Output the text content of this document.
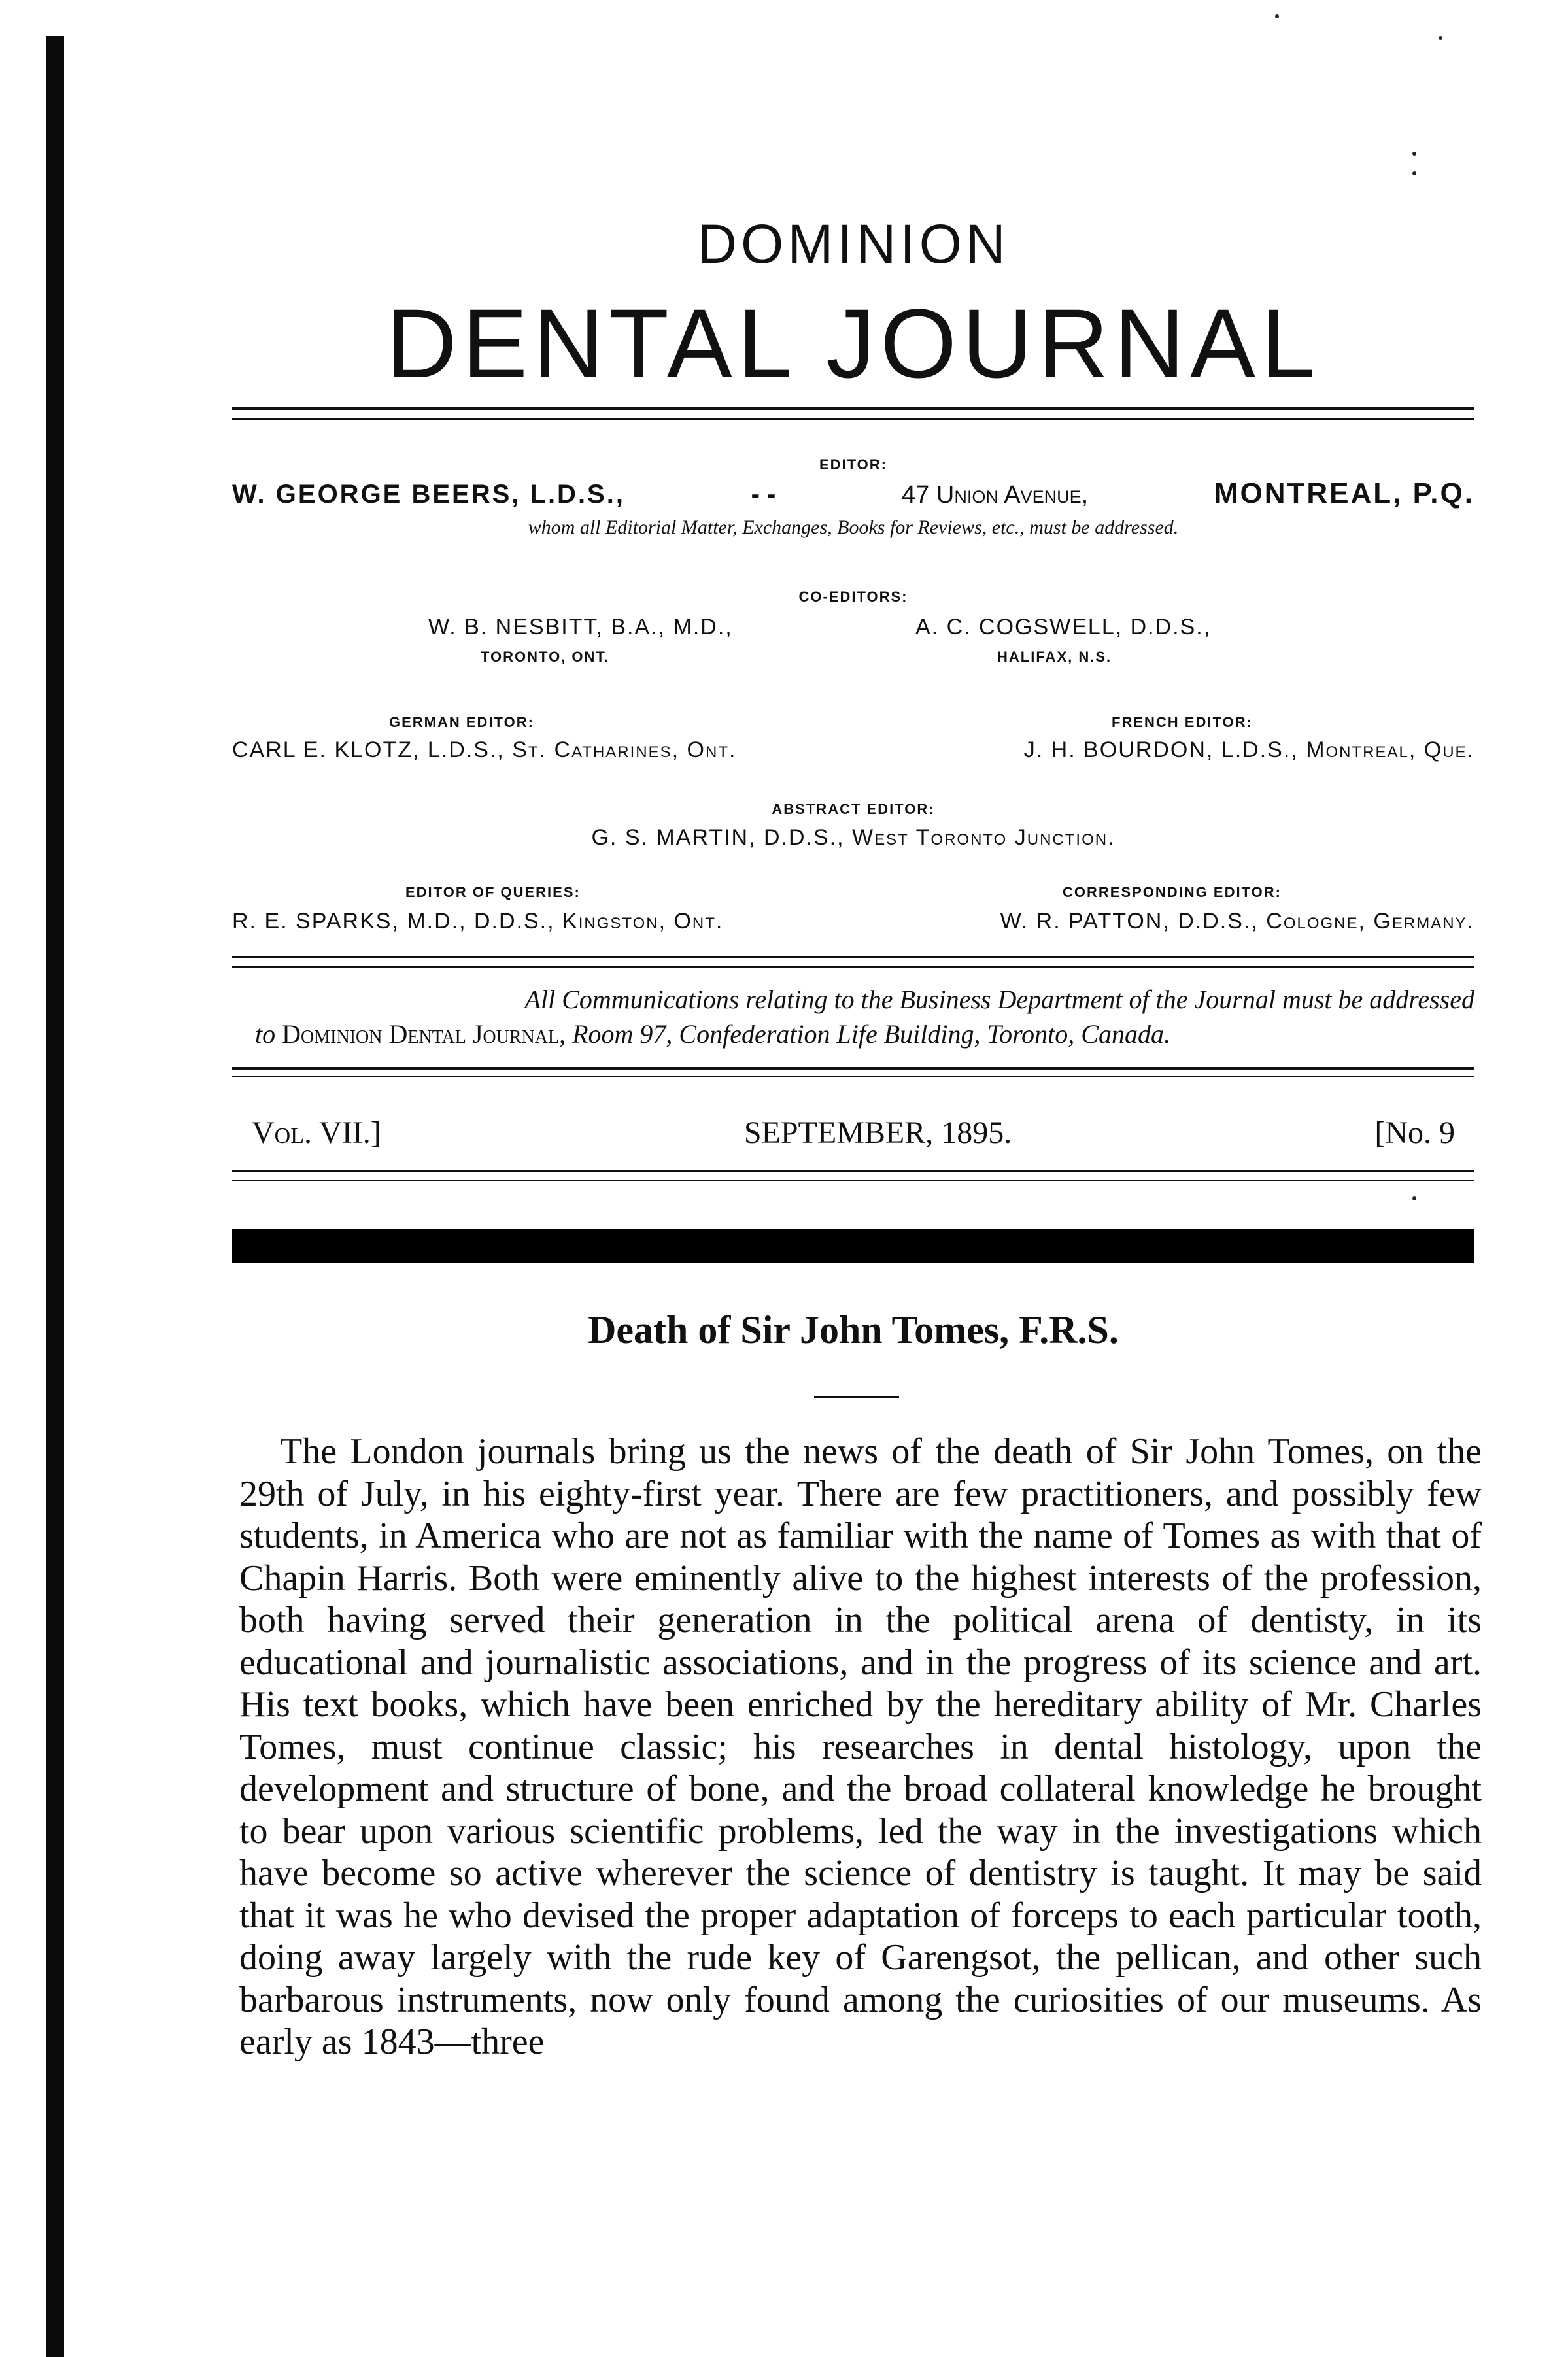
DOMINION
DENTAL JOURNAL
EDITOR:
W. GEORGE BEERS, L.D.S.,	- -	47 Union Avenue,	MONTREAL, P.Q.
whom all Editorial Matter, Exchanges, Books for Reviews, etc., must be addressed.
CO-EDITORS:
W. B. NESBITT, B.A., M.D.,
TORONTO, ONT.
A. C. COGSWELL, D.D.S.,
HALIFAX, N.S.
GERMAN EDITOR:	FRENCH EDITOR:
CARL E. KLOTZ, L.D.S., St. Catharines, Ont.	J. H. BOURDON, L.D.S., Montreal, Que.
ABSTRACT EDITOR:
G. S. MARTIN, D.D.S., West Toronto Junction.
EDITOR OF QUERIES:	CORRESPONDING EDITOR:
R. E. SPARKS, M.D., D.D.S., Kingston, Ont.	W. R. PATTON, D.D.S., Cologne, Germany.
All Communications relating to the Business Department of the Journal must be addressed
to Dominion Dental Journal, Room 97, Confederation Life Building, Toronto, Canada.
Vol. VII.]	SEPTEMBER, 1895.	[No. 9
Death of Sir John Tomes, F.R.S.

The London journals bring us the news of the death of Sir John Tomes, on the 29th of July, in his eighty-first year. There are few practitioners, and possibly few students, in America who are not as familiar with the name of Tomes as with that of Chapin Harris. Both were eminently alive to the highest interests of the profession, both having served their generation in the political arena of dentisty, in its educational and journalistic associations, and in the progress of its science and art. His text books, which have been enriched by the hereditary ability of Mr. Charles Tomes, must continue classic; his researches in dental histology, upon the development and structure of bone, and the broad collateral knowledge he brought to bear upon various scientific problems, led the way in the investigations which have become so active wherever the science of dentistry is taught. It may be said that it was he who devised the proper adaptation of forceps to each particular tooth, doing away largely with the rude key of Garengsot, the pellican, and other such barbarous instruments, now only found among the curiosities of our museums. As early as 1843—three
